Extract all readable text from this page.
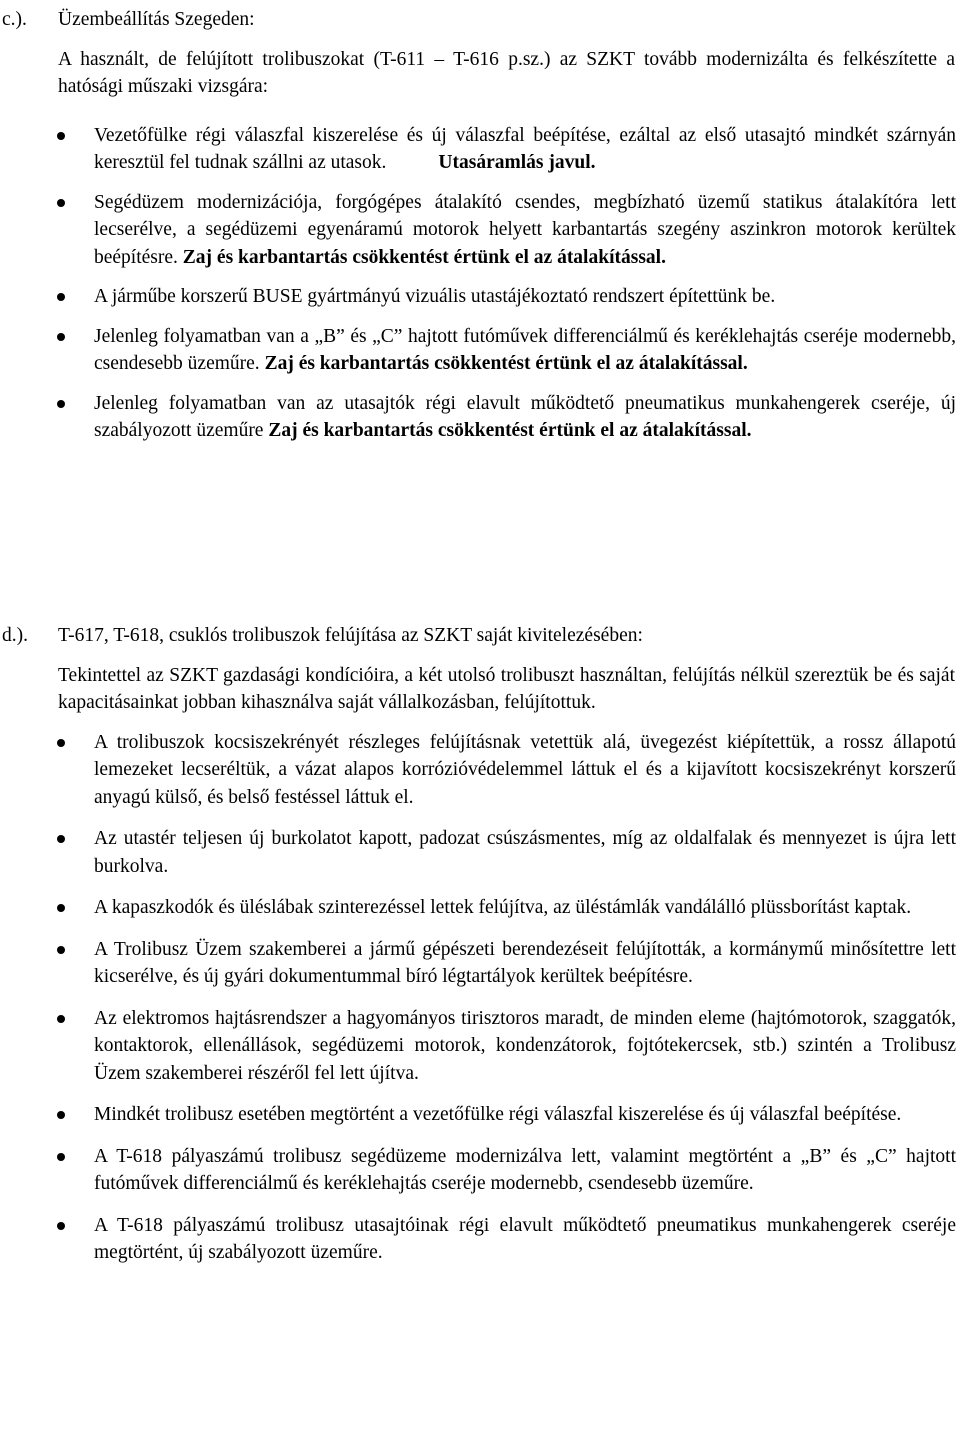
c.). Üzembeállítás Szegeden:
A használt, de felújított trolibuszokat (T-611 – T-616 p.sz.) az SZKT tovább modernizálta és felkészítette a hatósági műszaki vizsgára:
Vezetőfülke régi válaszfal kiszerelése és új válaszfal beépítése, ezáltal az első utasajtó mindkét szárnyán keresztül fel tudnak szállni az utasok.	Utasáramlás javul.
Segédüzem modernizációja, forgógépes átalakító csendes, megbízható üzemű statikus átalakítóra lett lecserélve, a segédüzemi egyenáramú motorok helyett karbantartás szegény aszinkron motorok kerültek beépítésre. Zaj és karbantartás csökkentést értünk el az átalakítással.
A járműbe korszerű BUSE gyártmányú vizuális utastájékoztató rendszert építettünk be.
Jelenleg folyamatban van a „B” és „C” hajtott futóművek differenciálmű és keréklehajtás cseréje modernebb, csendesebb üzeműre. Zaj és karbantartás csökkentést értünk el az átalakítással.
Jelenleg folyamatban van az utasajtók régi elavult működtető pneumatikus munkahengerek cseréje, új szabályozott üzeműre Zaj és karbantartás csökkentést értünk el az átalakítással.
d.). T-617, T-618, csuklós trolibuszok felújítása az SZKT saját kivitelezésében:
Tekintettel az SZKT gazdasági kondícióira, a két utolsó trolibuszt használtan, felújítás nélkül szereztük be és saját kapacitásainkat jobban kihasználva saját vállalkozásban, felújítottuk.
A trolibuszok kocsiszekrényét részleges felújításnak vetettük alá, üvegezést kiépítettük, a rossz állapotú lemezeket lecseréltük, a vázat alapos korrózióvédelemmel láttuk el és a kijavított kocsiszekrényt korszerű anyagú külső, és belső festéssel láttuk el.
Az utastér teljesen új burkolatot kapott, padozat csúszásmentes, míg az oldalfalak és mennyezet is újra lett burkolva.
A kapaszkodók és üléslábak szinterezéssel lettek felújítva, az üléstámlák vandálálló plüssborítást kaptak.
A Trolibusz Üzem szakemberei a jármű gépészeti berendezéseit felújították, a kormánymű minősítettre lett kicserélve, és új gyári dokumentummal bíró légtartályok kerültek beépítésre.
Az elektromos hajtásrendszer a hagyományos tirisztoros maradt, de minden eleme (hajtómotorok, szaggatók, kontaktorok, ellenállások, segédüzemi motorok, kondenzátorok, fojtótekercsek, stb.) szintén a Trolibusz Üzem szakemberei részéről fel lett újítva.
Mindkét trolibusz esetében megtörtént a vezetőfülke régi válaszfal kiszerelése és új válaszfal beépítése.
A T-618 pályaszámú trolibusz segédüzeme modernizálva lett, valamint megtörtént a „B” és „C” hajtott futóművek differenciálmű és keréklehajtás cseréje modernebb, csendesebb üzeműre.
A T-618 pályaszámú trolibusz utasajtóinak régi elavult működtető pneumatikus munkahengerek cseréje megtörtént, új szabályozott üzeműre.
